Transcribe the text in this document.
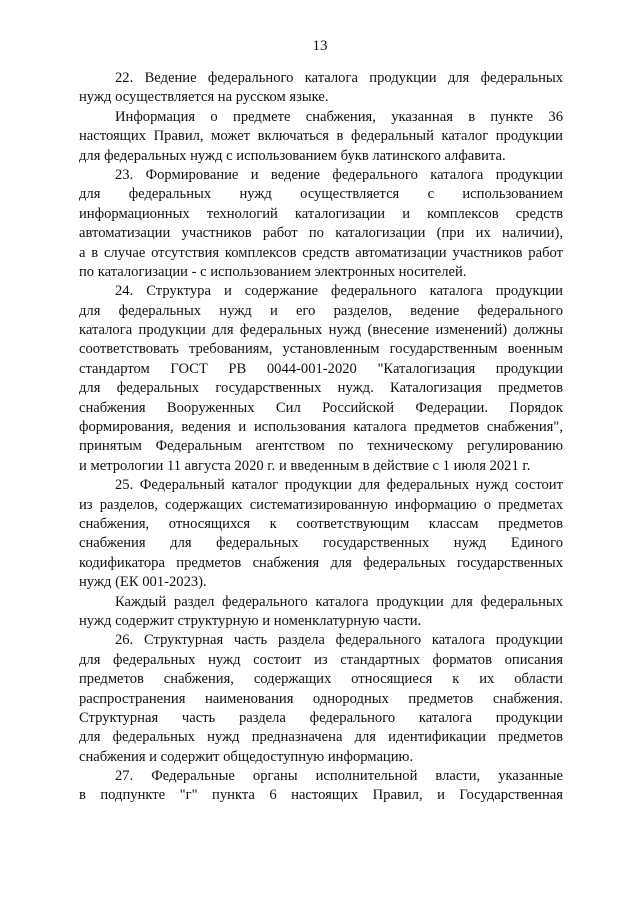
13
22. Ведение федерального каталога продукции для федеральных
нужд осуществляется на русском языке.
Информация о предмете снабжения, указанная в пункте 36
настоящих Правил, может включаться в федеральный каталог продукции
для федеральных нужд с использованием букв латинского алфавита.
23. Формирование и ведение федерального каталога продукции
для федеральных нужд осуществляется с использованием
информационных технологий каталогизации и комплексов средств
автоматизации участников работ по каталогизации (при их наличии),
а в случае отсутствия комплексов средств автоматизации участников работ
по каталогизации - с использованием электронных носителей.
24. Структура и содержание федерального каталога продукции
для федеральных нужд и его разделов, ведение федерального
каталога продукции для федеральных нужд (внесение изменений) должны
соответствовать требованиям, установленным государственным военным
стандартом ГОСТ РВ 0044-001-2020 "Каталогизация продукции
для федеральных государственных нужд. Каталогизация предметов
снабжения Вооруженных Сил Российской Федерации. Порядок
формирования, ведения и использования каталога предметов снабжения",
принятым Федеральным агентством по техническому регулированию
и метрологии 11 августа 2020 г. и введенным в действие с 1 июля 2021 г.
25. Федеральный каталог продукции для федеральных нужд состоит
из разделов, содержащих систематизированную информацию о предметах
снабжения, относящихся к соответствующим классам предметов
снабжения для федеральных государственных нужд Единого
кодификатора предметов снабжения для федеральных государственных
нужд (ЕК 001-2023).
Каждый раздел федерального каталога продукции для федеральных
нужд содержит структурную и номенклатурную части.
26. Структурная часть раздела федерального каталога продукции
для федеральных нужд состоит из стандартных форматов описания
предметов снабжения, содержащих относящиеся к их области
распространения наименования однородных предметов снабжения.
Структурная часть раздела федерального каталога продукции
для федеральных нужд предназначена для идентификации предметов
снабжения и содержит общедоступную информацию.
27. Федеральные органы исполнительной власти, указанные
в подпункте "г" пункта 6 настоящих Правил, и Государственная
